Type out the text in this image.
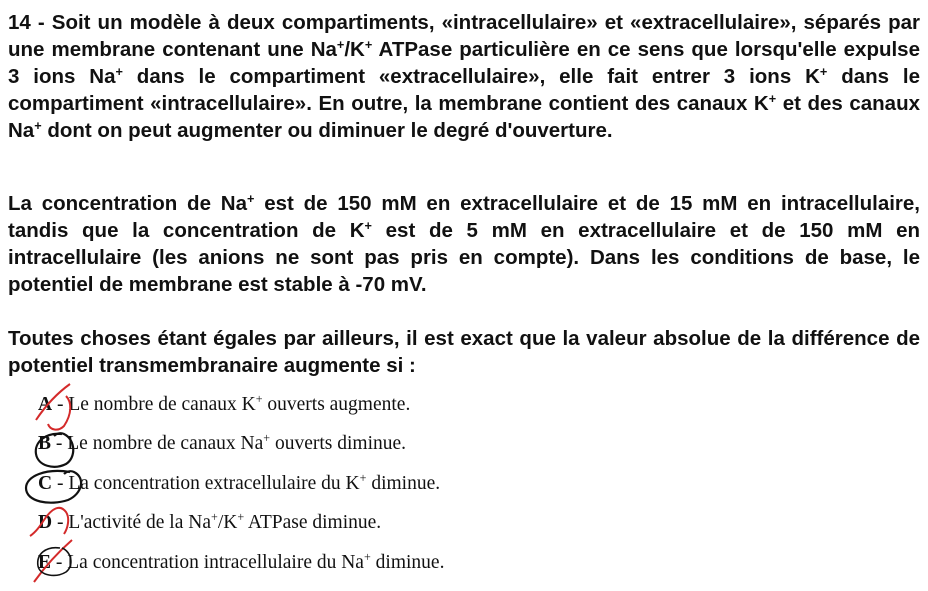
14 - Soit un modèle à deux compartiments, «intracellulaire» et «extracellulaire», séparés par une membrane contenant une Na+/K+ ATPase particulière en ce sens que lorsqu'elle expulse 3 ions Na+ dans le compartiment «extracellulaire», elle fait entrer 3 ions K+ dans le compartiment «intracellulaire». En outre, la membrane contient des canaux K+ et des canaux Na+ dont on peut augmenter ou diminuer le degré d'ouverture.
La concentration de Na+ est de 150 mM en extracellulaire et de 15 mM en intracellulaire, tandis que la concentration de K+ est de 5 mM en extracellulaire et de 150 mM en intracellulaire (les anions ne sont pas pris en compte). Dans les conditions de base, le potentiel de membrane est stable à -70 mV.
Toutes choses étant égales par ailleurs, il est exact que la valeur absolue de la différence de potentiel transmembranaire augmente si :
A - Le nombre de canaux K+ ouverts augmente.
B - Le nombre de canaux Na+ ouverts diminue.
C - La concentration extracellulaire du K+ diminue.
D - L'activité de la Na+/K+ ATPase diminue.
E - La concentration intracellulaire du Na+ diminue.
